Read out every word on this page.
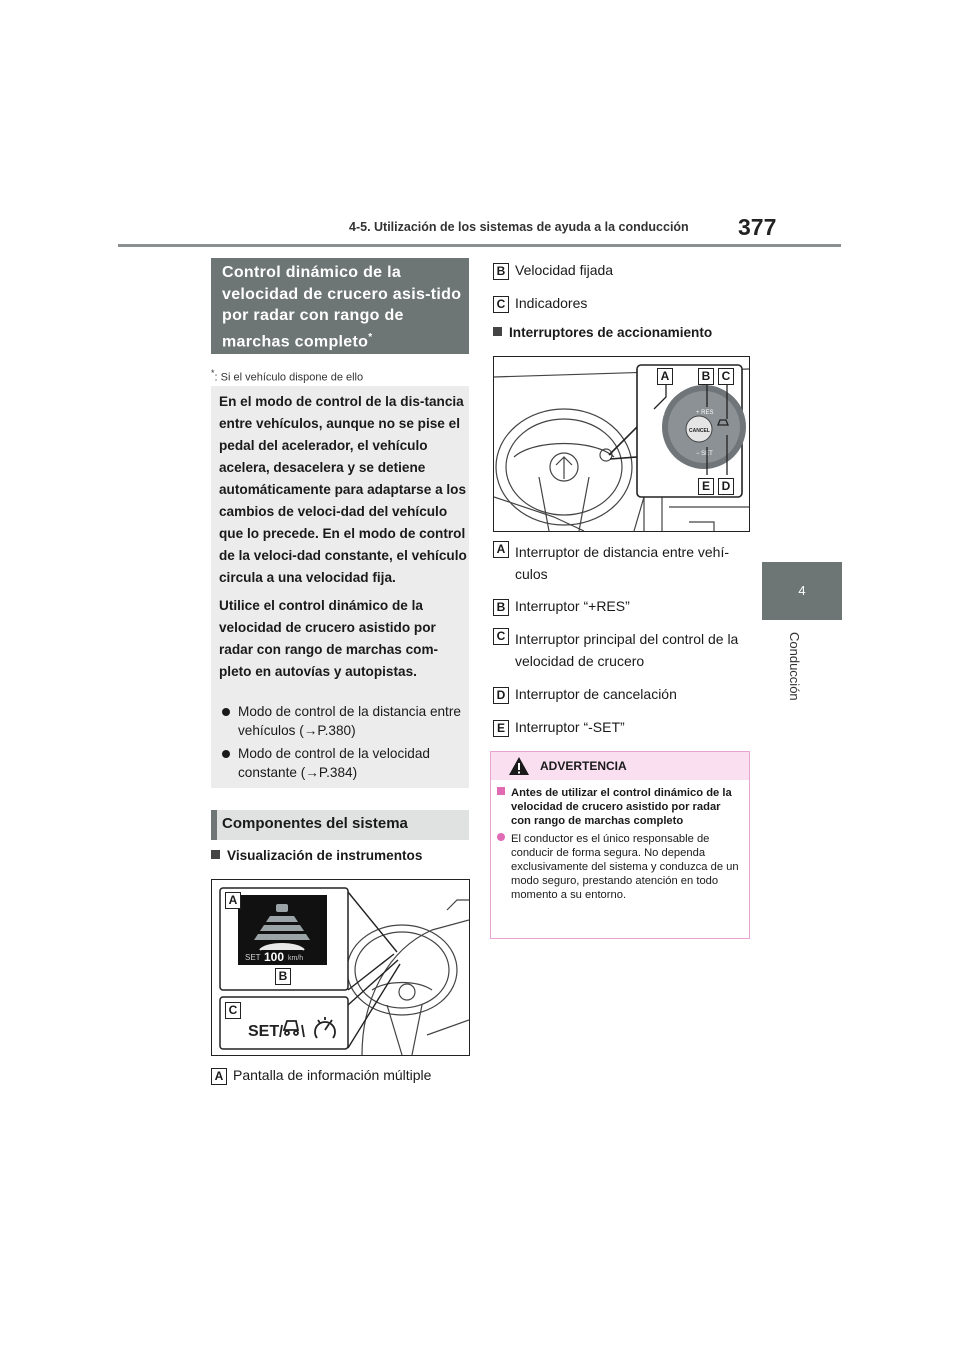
4-5. Utilización de los sistemas de ayuda a la conducción 377
4
Conducción
Control dinámico de la velocidad de crucero asis-tido por radar con rango de marchas completo*
*: Si el vehículo dispone de ello

En el modo de control de la dis-tancia entre vehículos, aunque no se pise el pedal del acelerador, el vehículo acelera, desacelera y se detiene automáticamente para adaptarse a los cambios de veloci-dad del vehículo que lo precede. En el modo de control de la veloci-dad constante, el vehículo circula a una velocidad fija.

Utilice el control dinámico de la velocidad de crucero asistido por radar con rango de marchas com-pleto en autovías y autopistas.

Modo de control de la distancia entre vehículos (→P.380)
Modo de control de la velocidad constante (→P.384)
Componentes del sistema
Visualización de instrumentos
SET 100 km/h
SET
A
B
C
A Pantalla de información múltiple
B Velocidad fijada
C Indicadores
Interruptores de accionamiento
CANCEL
+ RES
− SET
A	B C
E D
A Interruptor de distancia entre vehí-culos
B Interruptor “+RES”
C Interruptor principal del control de la velocidad de crucero
D Interruptor de cancelación
E Interruptor “-SET”
ADVERTENCIA
Antes de utilizar el control dinámico de la velocidad de crucero asistido por radar con rango de marchas completo
El conductor es el único responsable de conducir de forma segura. No dependa exclusivamente del sistema y conduzca de un modo seguro, prestando atención en todo momento a su entorno.
